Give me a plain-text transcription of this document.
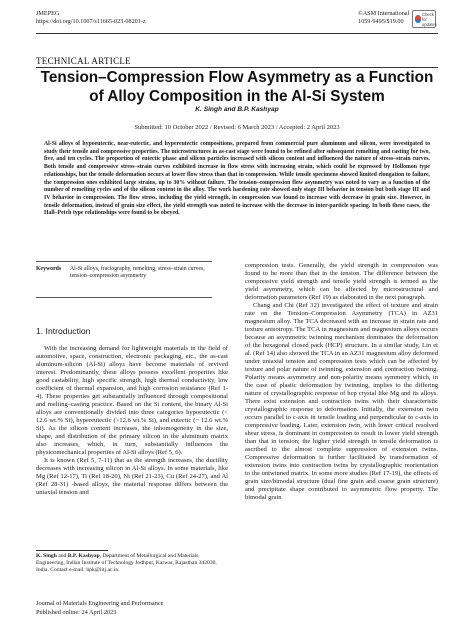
JMEPEG
https://doi.org/10.1007/s11665-023-08201-z
©ASM International
1059-9495/$19.00
Check for
updates
TECHNICAL ARTICLE
Tension–Compression Flow Asymmetry as a Function of Alloy Composition in the Al-Si System
K. Singh and B.P. Kashyap
Submitted: 10 October 2022 / Revised: 6 March 2023 / Accepted: 2 April 2023
Al-Si alloys of hypoeutectic, near-eutectic, and hypereutectic compositions, prepared from commercial pure aluminum and silicon, were investigated to study their tensile and compressive properties. The microstructures in as-cast stage were found to be refined after subsequent remelting and casting for two, five, and ten cycles. The proportion of eutectic phase and silicon particles increased with silicon content and influenced the nature of stress–strain curves. Both tensile and compressive stress–strain curves exhibited increase in flow stress with increasing strain, which could be expressed by Hollomon type relationships, but the tensile deformation occurs at lower flow stress than that in compression. While tensile specimens showed limited elongation to failure, the compression ones exhibited large strains, up to 30% without failure. The tension–compression flow asymmetry was noted to vary as a function of the number of remelting cycles and of the silicon content in the alloy. The work hardening rate showed only stage III behavior in tension but both stage III and IV behavior in compression. The flow stress, including the yield strength, in compression was found to increase with decrease in grain size. However, in tensile deformation, instead of grain size effect, the yield strength was noted to increase with the decrease in inter-particle spacing. In both these cases, the Hall–Petch type relationships were found to be obeyed.
Keywords Al-Si alloys, fractography, remelting, stress–strain curves, tension–compression asymmetry
1. Introduction

With the increasing demand for lightweight materials in the field of automotive, space, construction, electronic packaging, etc., the as-cast aluminum-silicon (Al-Si) alloys have become materials of revived interest. Predominantly, these alloys possess excellent properties like good castability, high specific strength, high thermal conductivity, low coefficient of thermal expansion, and high corrosion resistance (Ref 1-4). These properties get substantially influenced through compositional and melting–casting practice. Based on the Si content, the binary Al-Si alloys are conventionally divided into three categories hypoeutectic (< 12.6 wt.% Si), hypereutectic (>12.6 wt.% Si), and eutectic (~ 12.6 wt.% Si). As the silicon content increases, the inhomogeneity in the size, shape, and distribution of the primary silicon in the aluminum matrix also increases, which, in turn, substantially influences the physicomechanical properties of Al-Si alloys (Ref 5, 6).

It is known (Ref 5, 7-11) that as the strength increases, the ductility decreases with increasing silicon in Al-Si alloys. In some materials, like Mg (Ref 12-17), Ti (Ref 18-20), Ni (Ref 21-23), Cu (Ref 24-27), and Al (Ref 28-31) -based alloys, the material response differs between the uniaxial tension and

compression tests. Generally, the yield strength in compression was found to be more than that in the tension. The difference between the compressive yield strength and tensile yield strength is termed as the yield asymmetry, which can be affected by microstructural and deformation parameters (Ref 19) as elaborated in the next paragraph.

Chang and Chi (Ref 32) investigated the effect of texture and strain rate on the Tension–Compression Asymmetry (TCA) in AZ31 magnesium alloy. The TCA decreased with an increase in strain rate and texture anisotropy. The TCA in magnesium and magnesium alloys occurs because an asymmetric twinning mechanism dominates the deformation of the hexagonal closed pack (HCP) structure. In a similar study, Lin et al. (Ref 14) also showed the TCA in an AZ31 magnesium alloy deformed under uniaxial tension and compression tests which can be affected by texture and polar nature of twinning, extension and contraction twining. Polarity means asymmetry and non-polarity means symmetry which, in the case of plastic deformation by twinning, implies to the differing nature of crystallographic response of hcp crystal like Mg and its alloys. There exist extension and contraction twins with their characteristic crystallographic response to deformation. Initially, the extension twin occurs parallel to c-axis in tensile loading and perpendicular to c-axis in compressive loading. Later, extension twin, with lower critical resolved shear stress, is dominant in compression to result in lower yield strength than that in tension; the higher yield strength in tensile deformation is ascribed to the almost complete suppression of extension twins. Compressive deformation is further facilitated by transformation of extension twins into contraction twins by crystallographic reorientation to the untwinned matrix. In some more studies (Ref 17-19), the effects of grain size/bimodal structure (dual fine grain and coarse grain structure) and precipitate shape contributed to asymmetric flow property. The bimodal grain

K. Singh and B.P. Kashyap, Department of Metallurgical and Materials Engineering, Indian Institute of Technology Jodhpur, Karwar, Rajasthan 342030, India. Contact e-mail: bpk@iitj.ac.in.
Journal of Materials Engineering and Performance
Published online: 24 April 2023
